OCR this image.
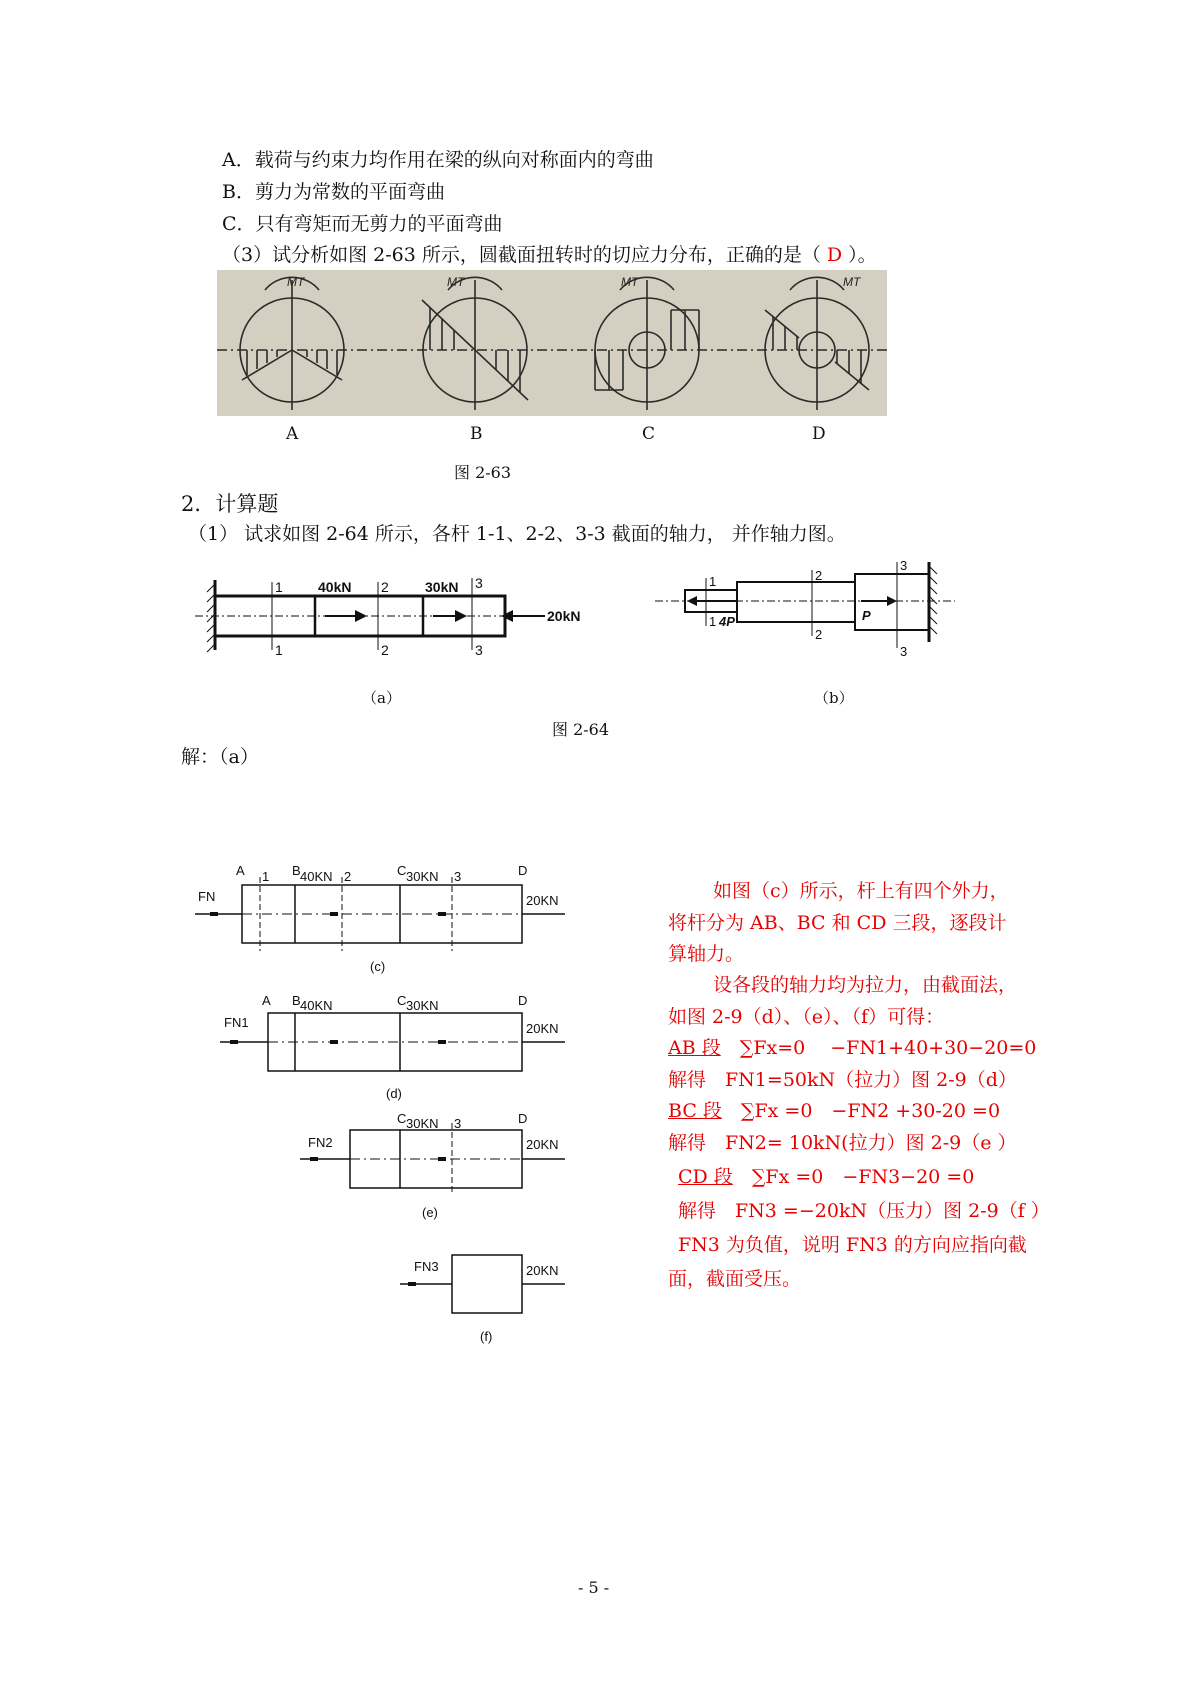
A．载荷与约束力均作用在梁的纵向对称面内的弯曲
B．剪力为常数的平面弯曲
C．只有弯矩而无剪力的平面弯曲
（3）试分析如图 2-63 所示，圆截面扭转时的切应力分布，正确的是（ D ）。
MT	MT	MT	MT
A	B	C	D
图 2-63
2．计算题
（1） 试求如图 2-64 所示，各杆 1-1、2-2、3-3 截面的轴力， 并作轴力图。
1
1
2
2
3
3
40kN	30kN
20kN
（a）
1
1
2
2
3
3
4P	P
（b）
图 2-64
解：（a）
A	B 40KN	C 30KN	D
FN	20KN
1	2	3
(c)
A B 40KN	C 30KN	D
FN1	20KN
(d)
C 30KN 3	D
FN2	20KN
(e)
FN3	20KN
(f)
如图（c）所示，杆上有四个外力，
将杆分为 AB、BC 和 CD 三段，逐段计
算轴力。
设各段的轴力均为拉力，由截面法，
如图 2-9（d）、（e）、（f）可得：
AB 段　 ∑Fx=0　 −FN1+40+30−20=0
解得　FN1=50kN（拉力）图 2-9（d）
BC 段　 ∑Fx =0　−FN2 +30-20 =0
解得　FN2= 10kN(拉力）图 2-9（e ）
CD 段　 ∑Fx =0　−FN3−20 =0
解得　FN3 =−20kN（压力）图 2-9（f ）
FN3 为负值，说明 FN3 的方向应指向截
面，截面受压。
- 5 -
